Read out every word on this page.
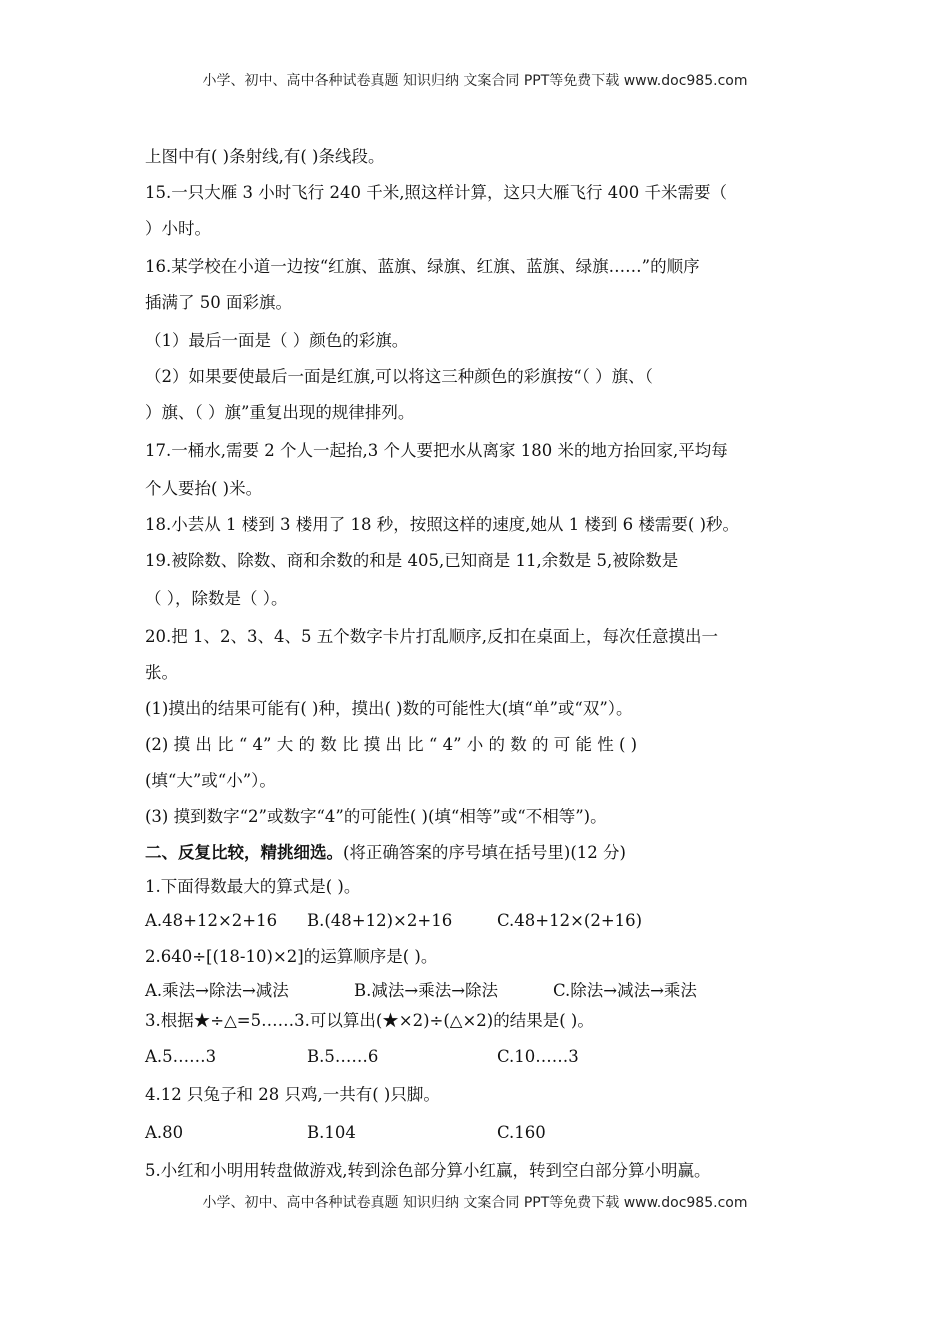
小学、初中、高中各种试卷真题 知识归纳 文案合同 PPT等免费下载 www.doc985.com
上图中有( )条射线,有( )条线段。
15.一只大雁 3 小时飞行 240 千米,照这样计算，这只大雁飞行 400 千米需要（
）小时。
16.某学校在小道一边按“红旗、蓝旗、绿旗、红旗、蓝旗、绿旗……”的顺序
插满了 50 面彩旗。
（1）最后一面是（ ）颜色的彩旗。
（2）如果要使最后一面是红旗,可以将这三种颜色的彩旗按“（ ）旗、（
）旗、（ ）旗”重复出现的规律排列。
17.一桶水,需要 2 个人一起抬,3 个人要把水从离家 180 米的地方抬回家,平均每
个人要抬( )米。
18.小芸从 1 楼到 3 楼用了 18 秒，按照这样的速度,她从 1 楼到 6 楼需要( )秒。
19.被除数、除数、商和余数的和是 405,已知商是 11,余数是 5,被除数是
（ ），除数是（ ）。
20.把 1、2、3、4、5 五个数字卡片打乱顺序,反扣在桌面上，每次任意摸出一
张。
(1)摸出的结果可能有( )种，摸出( )数的可能性大(填“单”或“双”）。
(2) 摸 出 比 “ 4” 大 的 数 比 摸 出 比 “ 4” 小 的 数 的 可 能 性 ( )
(填“大”或“小”）。
(3) 摸到数字“2”或数字“4”的可能性( )(填“相等”或“不相等”)。
二、反复比较，精挑细选。(将正确答案的序号填在括号里)(12 分)
1.下面得数最大的算式是( )。
A.48+12×2+16 B.(48+12)×2+16	C.48+12×(2+16)
2.640÷[(18-10)×2]的运算顺序是( )。
A.乘法→除法→减法	B.减法→乘法→除法	C.除法→减法→乘法
3.根据★÷△=5……3.可以算出(★×2)÷(△×2)的结果是( )。
A.5……3	B.5……6	C.10……3
4.12 只兔子和 28 只鸡,一共有( )只脚。
A.80	B.104	C.160
5.小红和小明用转盘做游戏,转到涂色部分算小红赢，转到空白部分算小明赢。
小学、初中、高中各种试卷真题 知识归纳 文案合同 PPT等免费下载 www.doc985.com
